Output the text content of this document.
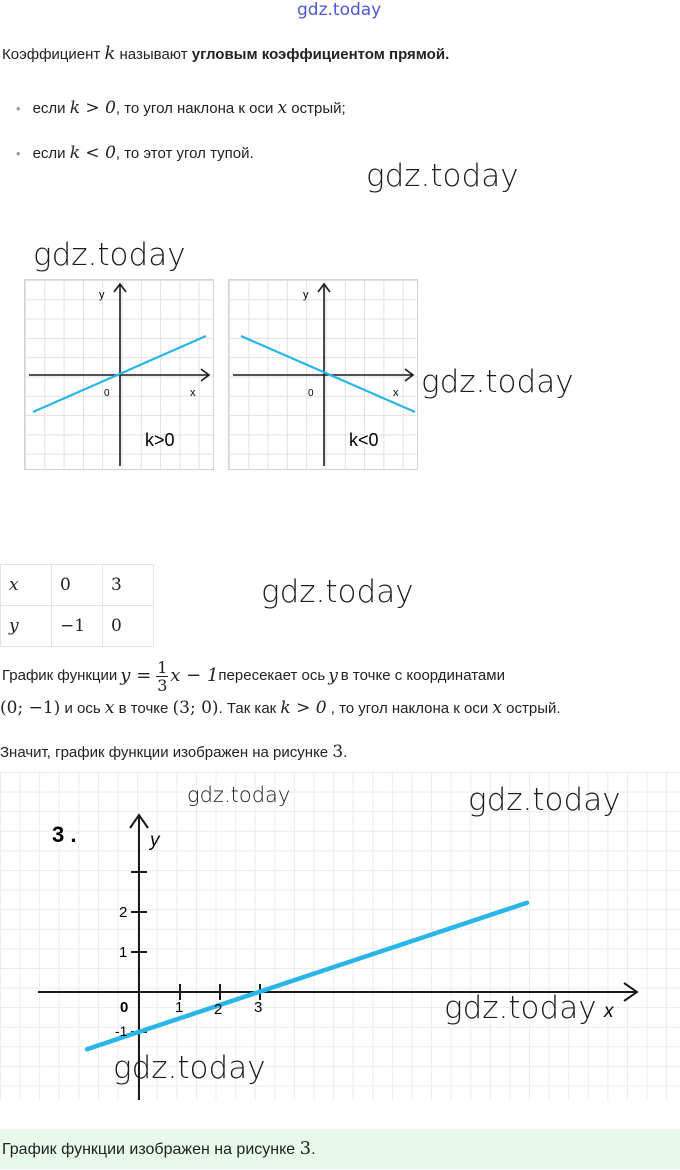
gdz.today
Коэффициент k называют угловым коэффициентом прямой.
• если k > 0, то угол наклона к оси x острый;
• если k < 0, то этот угол тупой.
gdz.today
gdz.today
y
x
0
k>0
y
x
0
k<0
gdz.today
x	0	3
y	−1	0
gdz.today
График функции y = 1
3 x − 1 пересекает ось y в точке с координатами
(0; −1) и ось x в точке (3; 0). Так как k > 0 , то угол наклона к оси x острый.
Значит, график функции изображен на рисунке 3.
3 .	y
x
0	1 2 3
2
1
-1
gdz.today	gdz.today
gdz.today
gdz.today
График функции изображен на рисунке 3.
